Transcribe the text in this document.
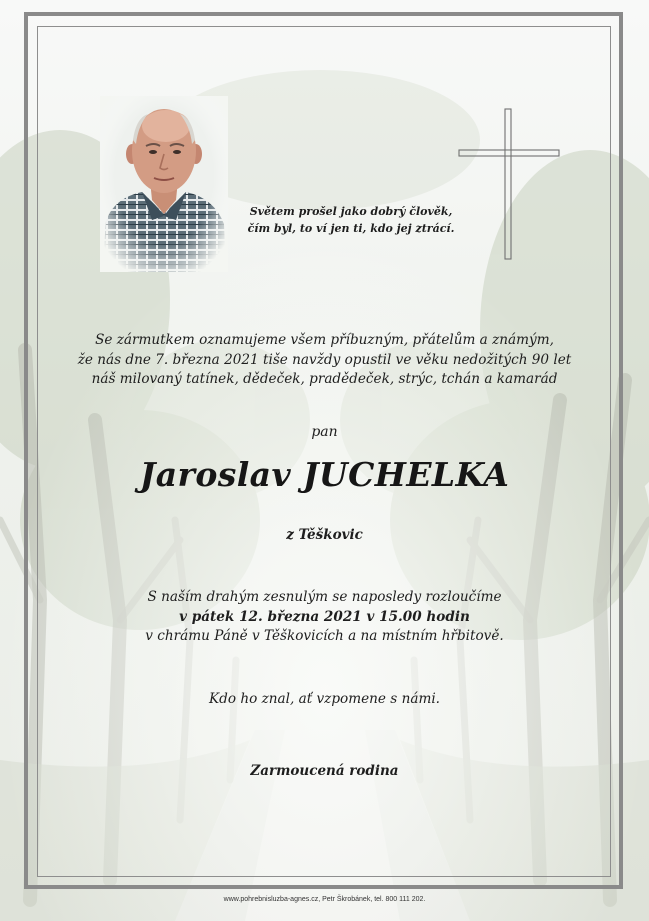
Světem prošel jako dobrý člověk,
čím byl, to ví jen ti, kdo jej ztrácí.
Se zármutkem oznamujeme všem příbuzným, přátelům a známým,
že nás dne 7. března 2021 tiše navždy opustil ve věku nedožitých 90 let
náš milovaný tatínek, dědeček, pradědeček, strýc, tchán a kamarád
pan
Jaroslav JUCHELKA
z Těškovic
S naším drahým zesnulým se naposledy rozloučíme
v pátek 12. března 2021 v 15.00 hodin
v chrámu Páně v Těškovicích a na místním hřbitově.
Kdo ho znal, ať vzpomene s námi.
Zarmoucená rodina
www.pohrebnisluzba-agnes.cz, Petr Škrobánek, tel. 800 111 202.
